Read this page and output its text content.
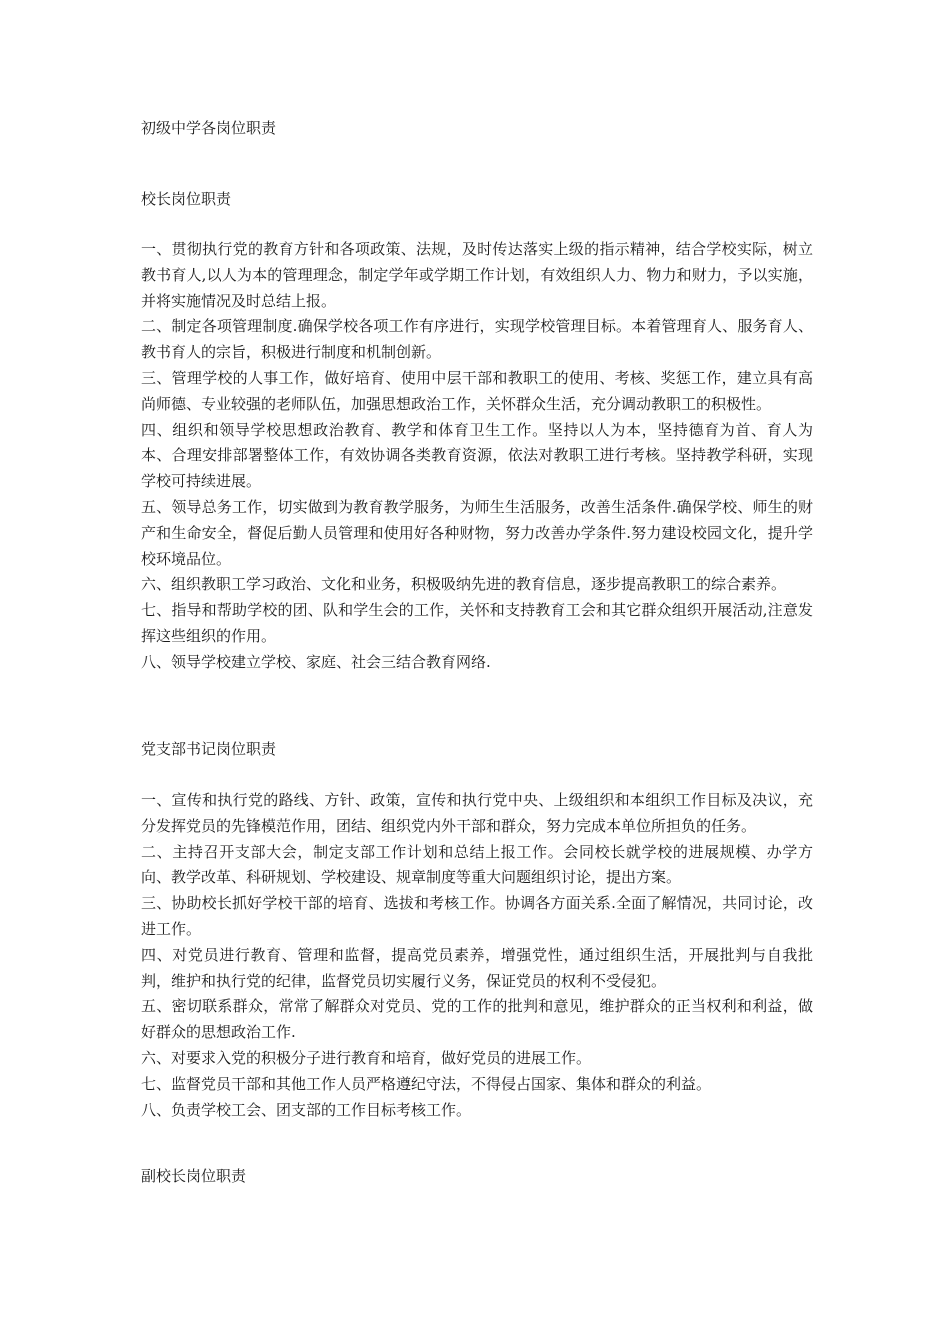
初级中学各岗位职责
校长岗位职责

一、贯彻执行党的教育方针和各项政策、法规，及时传达落实上级的指示精神，结合学校实际，树立教书育人,以人为本的管理理念，制定学年或学期工作计划，有效组织人力、物力和财力，予以实施，并将实施情况及时总结上报。

二、制定各项管理制度.确保学校各项工作有序进行，实现学校管理目标。本着管理育人、服务育人、教书育人的宗旨，积极进行制度和机制创新。

三、管理学校的人事工作，做好培育、使用中层干部和教职工的使用、考核、奖惩工作，建立具有高尚师德、专业较强的老师队伍，加强思想政治工作，关怀群众生活，充分调动教职工的积极性。

四、组织和领导学校思想政治教育、教学和体育卫生工作。坚持以人为本，坚持德育为首、育人为本、合理安排部署整体工作，有效协调各类教育资源，依法对教职工进行考核。坚持教学科研，实现学校可持续进展。

五、领导总务工作，切实做到为教育教学服务，为师生生活服务，改善生活条件.确保学校、师生的财产和生命安全，督促后勤人员管理和使用好各种财物，努力改善办学条件.努力建设校园文化，提升学校环境品位。

六、组织教职工学习政治、文化和业务，积极吸纳先进的教育信息，逐步提高教职工的综合素养。

七、指导和帮助学校的团、队和学生会的工作，关怀和支持教育工会和其它群众组织开展活动,注意发挥这些组织的作用。

八、领导学校建立学校、家庭、社会三结合教育网络.

党支部书记岗位职责

一、宣传和执行党的路线、方针、政策，宣传和执行党中央、上级组织和本组织工作目标及决议，充分发挥党员的先锋模范作用，团结、组织党内外干部和群众，努力完成本单位所担负的任务。

二、主持召开支部大会，制定支部工作计划和总结上报工作。会同校长就学校的进展规模、办学方向、教学改革、科研规划、学校建设、规章制度等重大问题组织讨论，提出方案。

三、协助校长抓好学校干部的培育、选拔和考核工作。协调各方面关系.全面了解情况，共同讨论，改进工作。

四、对党员进行教育、管理和监督，提高党员素养，增强党性，通过组织生活，开展批判与自我批判，维护和执行党的纪律，监督党员切实履行义务，保证党员的权利不受侵犯。

五、密切联系群众，常常了解群众对党员、党的工作的批判和意见，维护群众的正当权利和利益，做好群众的思想政治工作.

六、对要求入党的积极分子进行教育和培育，做好党员的进展工作。

七、监督党员干部和其他工作人员严格遵纪守法，不得侵占国家、集体和群众的利益。

八、负责学校工会、团支部的工作目标考核工作。

副校长岗位职责
